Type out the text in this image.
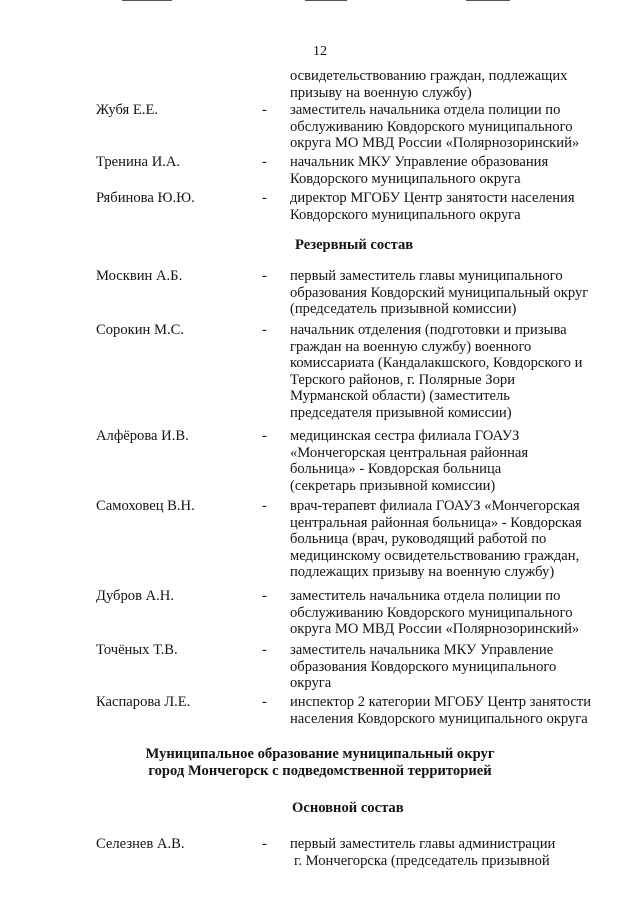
12
освидетельствованию граждан, подлежащих
призыву на военную службу)
Жубя Е.Е.	- заместитель начальника отдела полиции по
обслуживанию Ковдорского муниципального
округа МО МВД России «Полярнозоринский»
Тренина И.А.	- начальник МКУ Управление образования
Ковдорского муниципального округа
Рябинова Ю.Ю.	- директор МГОБУ Центр занятости населения
Ковдорского муниципального округа
Резервный состав
Москвин А.Б.	- первый заместитель главы муниципального
образования Ковдорский муниципальный округ
(председатель призывной комиссии)
Сорокин М.С.	- начальник отделения (подготовки и призыва
граждан на военную службу) военного
комиссариата (Кандалакшского, Ковдорского и
Терского районов, г. Полярные Зори
Мурманской области) (заместитель
председателя призывной комиссии)
Алфёрова И.В.	- медицинская сестра филиала ГОАУЗ
«Мончегорская центральная районная
больница» - Ковдорская больница
(секретарь призывной комиссии)
Самоховец В.Н.	- врач-терапевт филиала ГОАУЗ «Мончегорская
центральная районная больница» - Ковдорская
больница (врач, руководящий работой по
медицинскому освидетельствованию граждан,
подлежащих призыву на военную службу)
Дубров А.Н.	- заместитель начальника отдела полиции по
обслуживанию Ковдорского муниципального
округа МО МВД России «Полярнозоринский»
Точёных Т.В.	- заместитель начальника МКУ Управление
образования Ковдорского муниципального
округа
Каспарова Л.Е.	- инспектор 2 категории МГОБУ Центр занятости
населения Ковдорского муниципального округа
Муниципальное образование муниципальный округ
город Мончегорск с подведомственной территорией
Основной состав
Селезнев А.В.	- первый заместитель главы администрации
г. Мончегорска (председатель призывной
